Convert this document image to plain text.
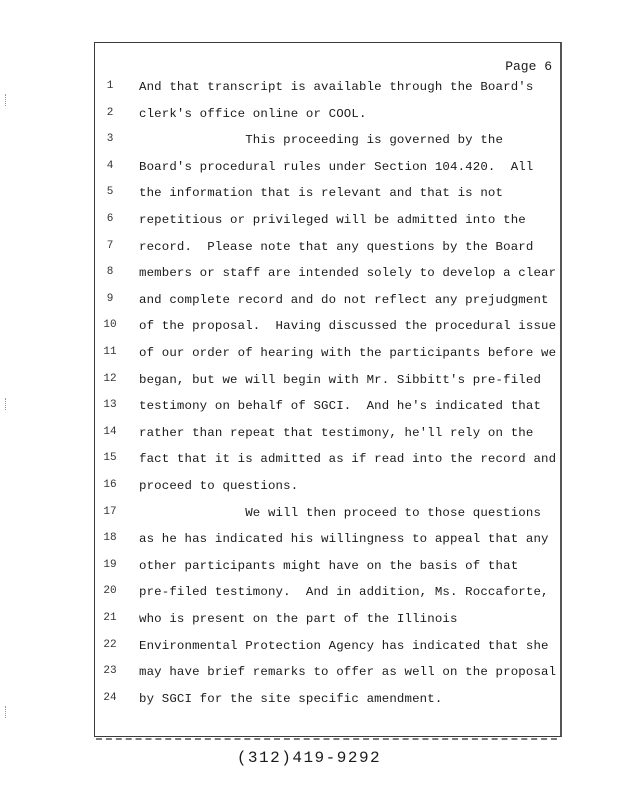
Page 6
1	And that transcript is available through the Board's
2	clerk's office online or COOL.
3	This proceeding is governed by the
4	Board's procedural rules under Section 104.420.  All
5	the information that is relevant and that is not
6	repetitious or privileged will be admitted into the
7	record.  Please note that any questions by the Board
8	members or staff are intended solely to develop a clear
9	and complete record and do not reflect any prejudgment
10	of the proposal.  Having discussed the procedural issue
11	of our order of hearing with the participants before we
12	began, but we will begin with Mr. Sibbitt's pre-filed
13	testimony on behalf of SGCI.  And he's indicated that
14	rather than repeat that testimony, he'll rely on the
15	fact that it is admitted as if read into the record and
16	proceed to questions.
17	We will then proceed to those questions
18	as he has indicated his willingness to appeal that any
19	other participants might have on the basis of that
20	pre-filed testimony.  And in addition, Ms. Roccaforte,
21	who is present on the part of the Illinois
22	Environmental Protection Agency has indicated that she
23	may have brief remarks to offer as well on the proposal
24	by SGCI for the site specific amendment.
(312)419-9292
